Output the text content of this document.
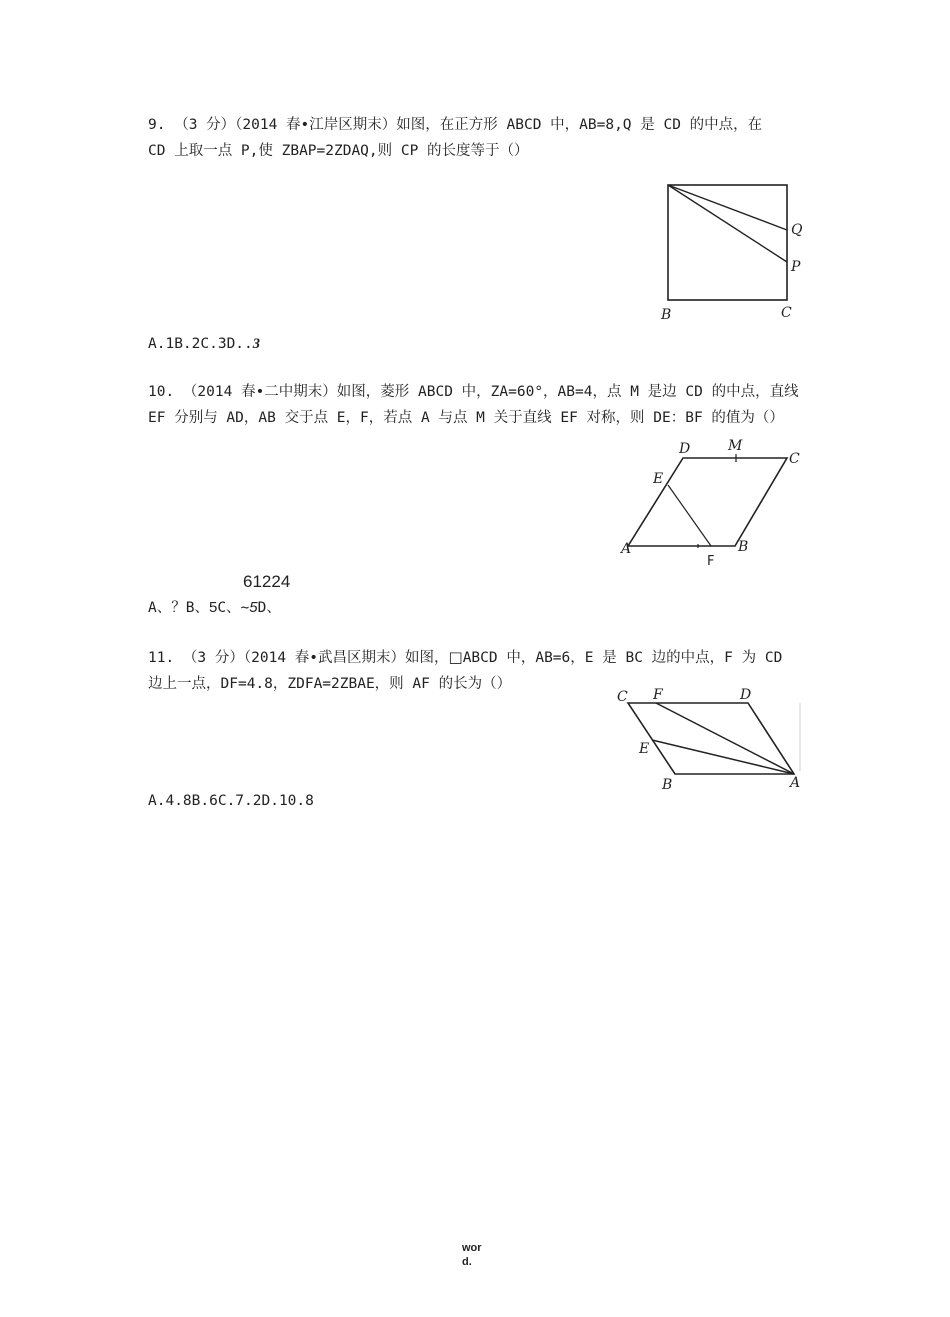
9. （3 分）（2014 春•江岸区期末）如图，在正方形 ABCD 中，AB=8,Q 是 CD 的中点，在
CD 上取一点 P,使 ZBAP=2ZDAQ,则 CP 的长度等于（）
Q
P
B	C
A.1B.2C.3D..3
10. （2014 春•二中期末）如图，菱形 ABCD 中，ZA=60°，AB=4，点 M 是边 CD 的中点，直线
EF 分别与 AD，AB 交于点 E，F，若点 A 与点 M 关于直线 EF 对称，则 DE：BF 的值为（）
D	M
C
E
A
F
B
61224
A、？B、5C、~5D、
11. （3 分）（2014 春•武昌区期末）如图，□ABCD 中，AB=6，E 是 BC 边的中点，F 为 CD
边上一点，DF=4.8，ZDFA=2ZBAE，则 AF 的长为（）
C F	D
E
B	A
A.4.8B.6C.7.2D.10.8
wor
d.
